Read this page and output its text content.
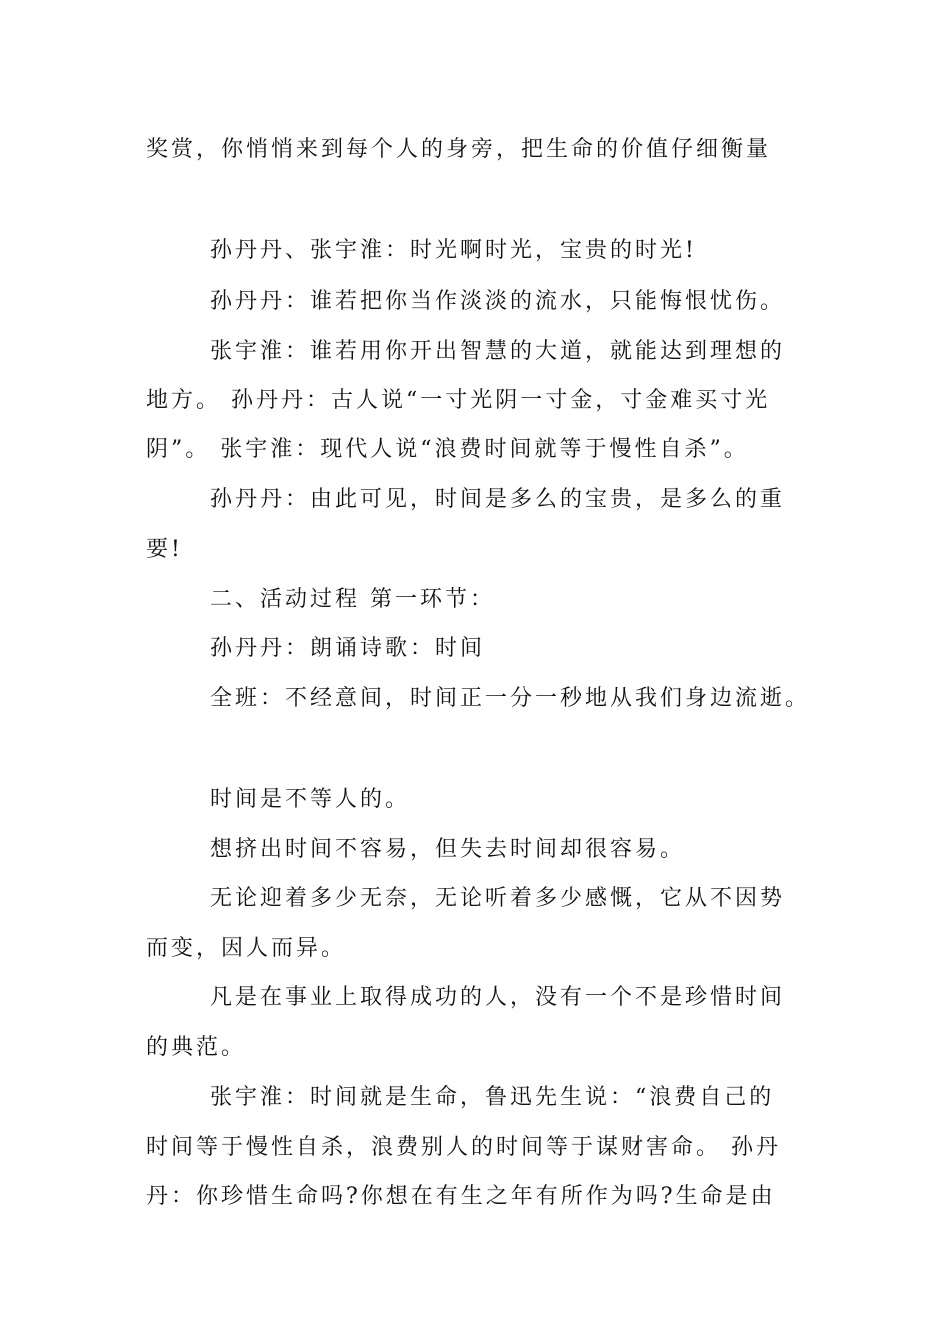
奖赏，你悄悄来到每个人的身旁，把生命的价值仔细衡量
孙丹丹、张宇淮：时光啊时光，宝贵的时光!
孙丹丹：谁若把你当作淡淡的流水，只能悔恨忧伤。
张宇淮：谁若用你开出智慧的大道，就能达到理想的
地方。 孙丹丹：古人说“一寸光阴一寸金，寸金难买寸光
阴”。 张宇淮：现代人说“浪费时间就等于慢性自杀”。
孙丹丹：由此可见，时间是多么的宝贵，是多么的重
要!
二、活动过程 第一环节：
孙丹丹：朗诵诗歌：时间
全班：不经意间，时间正一分一秒地从我们身边流逝。
时间是不等人的。
想挤出时间不容易，但失去时间却很容易。
无论迎着多少无奈，无论听着多少感慨，它从不因势
而变，因人而异。
凡是在事业上取得成功的人，没有一个不是珍惜时间
的典范。
张宇淮：时间就是生命，鲁迅先生说：“浪费自己的
时间等于慢性自杀，浪费别人的时间等于谋财害命。 孙丹
丹：你珍惜生命吗?你想在有生之年有所作为吗?生命是由
